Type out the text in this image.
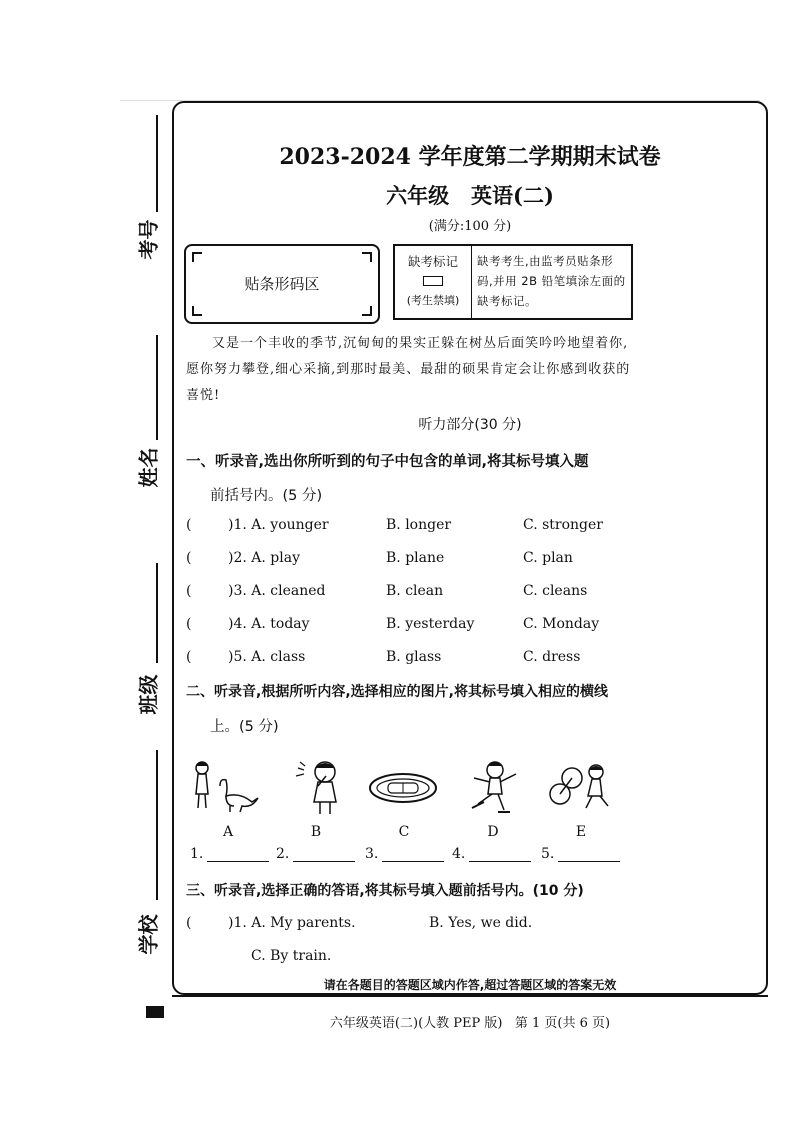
考号
姓名
班级
学校
2023-2024 学年度第二学期期末试卷
六年级   英语(二)
(满分:100 分)
贴条形码区
缺考标记
(考生禁填)
缺考考生,由监考员贴条形码,并用 2B 铅笔填涂左面的缺考标记。
又是一个丰收的季节,沉甸甸的果实正躲在树丛后面笑吟吟地望着你,愿你努力攀登,细心采摘,到那时最美、最甜的硕果肯定会让你感到收获的喜悦!
听力部分(30 分)
一、听录音,选出你所听到的句子中包含的单词,将其标号填入题
前括号内。(5 分)
(	)1. A. younger	B. longer	C. stronger
(	)2. A. play	B. plane	C. plan
(	)3. A. cleaned	B. clean	C. cleans
(	)4. A. today	B. yesterday	C. Monday
(	)5. A. class	B. glass	C. dress
二、听录音,根据所听内容,选择相应的图片,将其标号填入相应的横线
上。(5 分)
A	B	C	D	E
1.	2.	3.	4.	5.
三、听录音,选择正确的答语,将其标号填入题前括号内。(10 分)
(	)1. A. My parents.	B. Yes, we did.
C. By train.
请在各题目的答题区域内作答,超过答题区域的答案无效
六年级英语(二)(人教 PEP 版)   第 1 页(共 6 页)
